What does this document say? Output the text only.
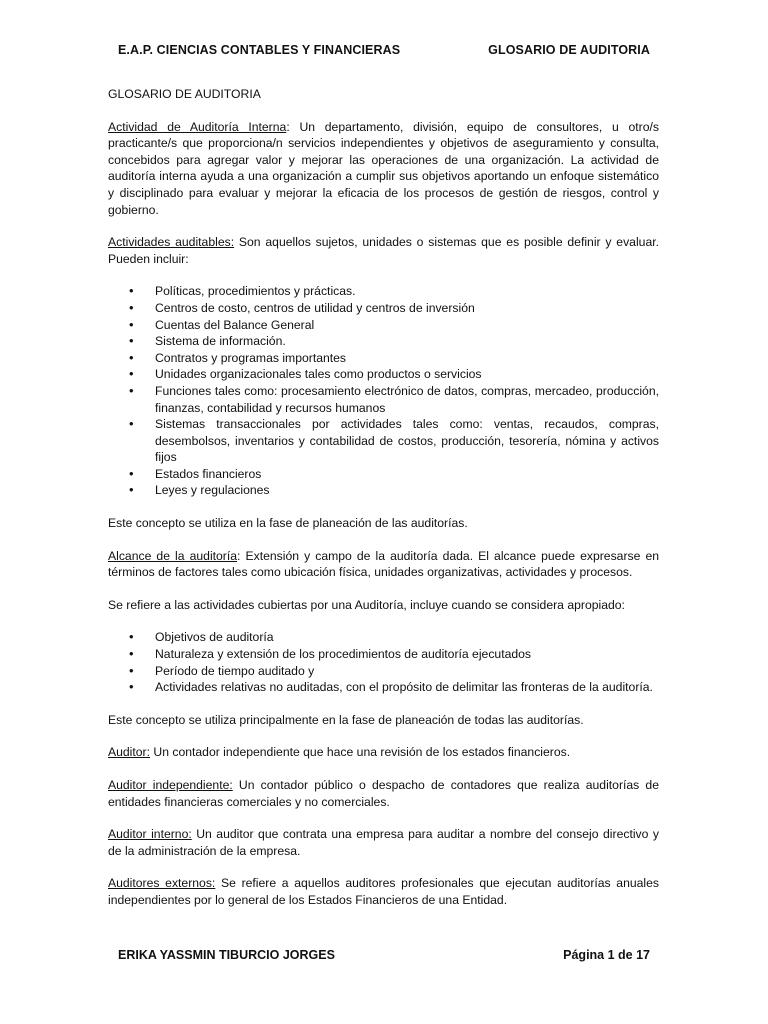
E.A.P. CIENCIAS CONTABLES Y FINANCIERAS	GLOSARIO DE AUDITORIA
GLOSARIO DE AUDITORIA

Actividad de Auditoría Interna: Un departamento, división, equipo de consultores, u otro/s practicante/s que proporciona/n servicios independientes y objetivos de aseguramiento y consulta, concebidos para agregar valor y mejorar las operaciones de una organización. La actividad de auditoría interna ayuda a una organización a cumplir sus objetivos aportando un enfoque sistemático y disciplinado para evaluar y mejorar la eficacia de los procesos de gestión de riesgos, control y gobierno.

Actividades auditables: Son aquellos sujetos, unidades o sistemas que es posible definir y evaluar. Pueden incluir:

• Políticas, procedimientos y prácticas.
• Centros de costo, centros de utilidad y centros de inversión
• Cuentas del Balance General
• Sistema de información.
• Contratos y programas importantes
• Unidades organizacionales tales como productos o servicios
• Funciones tales como: procesamiento electrónico de datos, compras, mercadeo, producción, finanzas, contabilidad y recursos humanos
• Sistemas transaccionales por actividades tales como: ventas, recaudos, compras, desembolsos, inventarios y contabilidad de costos, producción, tesorería, nómina y activos fijos
• Estados financieros
• Leyes y regulaciones

Este concepto se utiliza en la fase de planeación de las auditorías.

Alcance de la auditoría: Extensión y campo de la auditoría dada. El alcance puede expresarse en términos de factores tales como ubicación física, unidades organizativas, actividades y procesos.

Se refiere a las actividades cubiertas por una Auditoría, incluye cuando se considera apropiado:

• Objetivos de auditoría
• Naturaleza y extensión de los procedimientos de auditoría ejecutados
• Período de tiempo auditado y
• Actividades relativas no auditadas, con el propósito de delimitar las fronteras de la auditoría.

Este concepto se utiliza principalmente en la fase de planeación de todas las auditorías.

Auditor: Un contador independiente que hace una revisión de los estados financieros.

Auditor independiente: Un contador público o despacho de contadores que realiza auditorías de entidades financieras comerciales y no comerciales.

Auditor interno: Un auditor que contrata una empresa para auditar a nombre del consejo directivo y de la administración de la empresa.

Auditores externos: Se refiere a aquellos auditores profesionales que ejecutan auditorías anuales independientes por lo general de los Estados Financieros de una Entidad.

ERIKA YASSMIN TIBURCIO JORGES	Página 1 de 17
